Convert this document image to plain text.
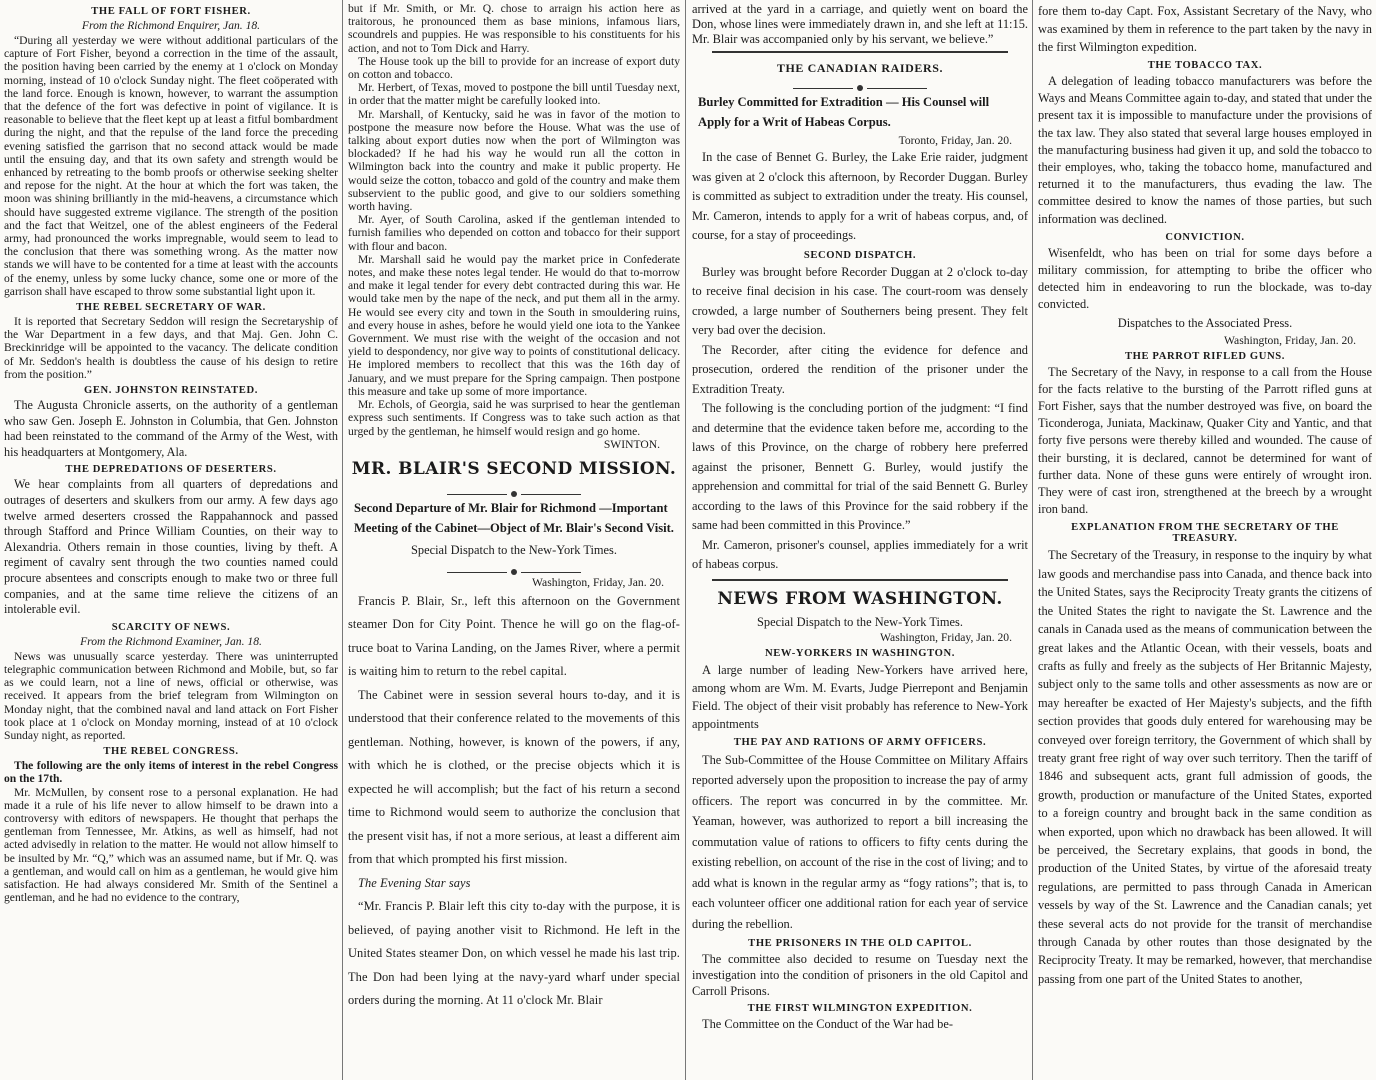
THE FALL OF FORT FISHER.
From the Richmond Enquirer, Jan. 18.

“During all yesterday we were without additional particulars of the capture of Fort Fisher, beyond a correction in the time of the assault, the position having been carried by the enemy at 1 o'clock on Monday morning, instead of 10 o'clock Sunday night. The fleet coöperated with the land force. Enough is known, however, to warrant the assumption that the defence of the fort was defective in point of vigilance. It is reasonable to believe that the fleet kept up at least a fitful bombardment during the night, and that the repulse of the land force the preceding evening satisfied the garrison that no second attack would be made until the ensuing day, and that its own safety and strength would be enhanced by retreating to the bomb proofs or otherwise seeking shelter and repose for the night. At the hour at which the fort was taken, the moon was shining brilliantly in the mid-heavens, a circumstance which should have suggested extreme vigilance. The strength of the position and the fact that Weitzel, one of the ablest engineers of the Federal army, had pronounced the works impregnable, would seem to lead to the conclusion that there was something wrong. As the matter now stands we will have to be contented for a time at least with the accounts of the enemy, unless by some lucky chance, some one or more of the garrison shall have escaped to throw some substantial light upon it.

THE REBEL SECRETARY OF WAR.

It is reported that Secretary Seddon will resign the Secretaryship of the War Department in a few days, and that Maj. Gen. John C. Breckinridge will be appointed to the vacancy. The delicate condition of Mr. Seddon's health is doubtless the cause of his design to retire from the position.”

GEN. JOHNSTON REINSTATED.

The Augusta Chronicle asserts, on the authority of a gentleman who saw Gen. Joseph E. Johnston in Columbia, that Gen. Johnston had been reinstated to the command of the Army of the West, with his headquarters at Montgomery, Ala.

THE DEPREDATIONS OF DESERTERS.

We hear complaints from all quarters of depredations and outrages of deserters and skulkers from our army. A few days ago twelve armed deserters crossed the Rappahannock and passed through Stafford and Prince William Counties, on their way to Alexandria. Others remain in those counties, living by theft. A regiment of cavalry sent through the two counties named could procure absentees and conscripts enough to make two or three full companies, and at the same time relieve the citizens of an intolerable evil.

SCARCITY OF NEWS.
From the Richmond Examiner, Jan. 18.

News was unusually scarce yesterday. There was uninterrupted telegraphic communication between Richmond and Mobile, but, so far as we could learn, not a line of news, official or otherwise, was received. It appears from the brief telegram from Wilmington on Monday night, that the combined naval and land attack on Fort Fisher took place at 1 o'clock on Monday morning, instead of at 10 o'clock Sunday night, as reported.

THE REBEL CONGRESS.

The following are the only items of interest in the rebel Congress on the 17th.

Mr. McMullen, by consent rose to a personal explanation. He had made it a rule of his life never to allow himself to be drawn into a controversy with editors of newspapers. He thought that perhaps the gentleman from Tennessee, Mr. Atkins, as well as himself, had not acted advisedly in relation to the matter. He would not allow himself to be insulted by Mr. “Q,” which was an assumed name, but if Mr. Q. was a gentleman, and would call on him as a gentleman, he would give him satisfaction. He had always considered Mr. Smith of the Sentinel a gentleman, and he had no evidence to the contrary,

but if Mr. Smith, or Mr. Q. chose to arraign his action here as traitorous, he pronounced them as base minions, infamous liars, scoundrels and puppies. He was responsible to his constituents for his action, and not to Tom Dick and Harry.

The House took up the bill to provide for an increase of export duty on cotton and tobacco.

Mr. Herbert, of Texas, moved to postpone the bill until Tuesday next, in order that the matter might be carefully looked into.

Mr. Marshall, of Kentucky, said he was in favor of the motion to postpone the measure now before the House. What was the use of talking about export duties now when the port of Wilmington was blockaded? If he had his way he would run all the cotton in Wilmington back into the country and make it public property. He would seize the cotton, tobacco and gold of the country and make them subservient to the public good, and give to our soldiers something worth having.

Mr. Ayer, of South Carolina, asked if the gentleman intended to furnish families who depended on cotton and tobacco for their support with flour and bacon.

Mr. Marshall said he would pay the market price in Confederate notes, and make these notes legal tender. He would do that to-morrow and make it legal tender for every debt contracted during this war. He would take men by the nape of the neck, and put them all in the army. He would see every city and town in the South in smouldering ruins, and every house in ashes, before he would yield one iota to the Yankee Government. We must rise with the weight of the occasion and not yield to despondency, nor give way to points of constitutional delicacy. He implored members to recollect that this was the 16th day of January, and we must prepare for the Spring campaign. Then postpone this measure and take up some of more importance.

Mr. Echols, of Georgia, said he was surprised to hear the gentleman express such sentiments. If Congress was to take such action as that urged by the gentleman, he himself would resign and go home.

SWINTON.

MR. BLAIR'S SECOND MISSION.

Second Departure of Mr. Blair for Richmond —Important Meeting of the Cabinet—Object of Mr. Blair's Second Visit.

Special Dispatch to the New-York Times.

Washington, Friday, Jan. 20.

Francis P. Blair, Sr., left this afternoon on the Government steamer Don for City Point. Thence he will go on the flag-of-truce boat to Varina Landing, on the James River, where a permit is waiting him to return to the rebel capital.

The Cabinet were in session several hours to-day, and it is understood that their conference related to the movements of this gentleman. Nothing, however, is known of the powers, if any, with which he is clothed, or the precise objects which it is expected he will accomplish; but the fact of his return a second time to Richmond would seem to authorize the conclusion that the present visit has, if not a more serious, at least a different aim from that which prompted his first mission.

The Evening Star says

“Mr. Francis P. Blair left this city to-day with the purpose, it is believed, of paying another visit to Richmond. He left in the United States steamer Don, on which vessel he made his last trip. The Don had been lying at the navy-yard wharf under special orders during the morning. At 11 o'clock Mr. Blair

arrived at the yard in a carriage, and quietly went on board the Don, whose lines were immediately drawn in, and she left at 11:15. Mr. Blair was accompanied only by his servant, we believe.”

THE CANADIAN RAIDERS.

Burley Committed for Extradition — His Counsel will Apply for a Writ of Habeas Corpus.

Toronto, Friday, Jan. 20.

In the case of Bennet G. Burley, the Lake Erie raider, judgment was given at 2 o'clock this afternoon, by Recorder Duggan. Burley is committed as subject to extradition under the treaty. His counsel, Mr. Cameron, intends to apply for a writ of habeas corpus, and, of course, for a stay of proceedings.

SECOND DISPATCH.

Burley was brought before Recorder Duggan at 2 o'clock to-day to receive final decision in his case. The court-room was densely crowded, a large number of Southerners being present. They felt very bad over the decision.

The Recorder, after citing the evidence for defence and prosecution, ordered the rendition of the prisoner under the Extradition Treaty.

The following is the concluding portion of the judgment: “I find and determine that the evidence taken before me, according to the laws of this Province, on the charge of robbery here preferred against the prisoner, Bennett G. Burley, would justify the apprehension and committal for trial of the said Bennett G. Burley according to the laws of this Province for the said robbery if the same had been committed in this Province.”

Mr. Cameron, prisoner's counsel, applies immediately for a writ of habeas corpus.

NEWS FROM WASHINGTON.

Special Dispatch to the New-York Times.

Washington, Friday, Jan. 20.

NEW-YORKERS IN WASHINGTON.

A large number of leading New-Yorkers have arrived here, among whom are Wm. M. Evarts, Judge Pierrepont and Benjamin Field. The object of their visit probably has reference to New-York appointments

THE PAY AND RATIONS OF ARMY OFFICERS.

The Sub-Committee of the House Committee on Military Affairs reported adversely upon the proposition to increase the pay of army officers. The report was concurred in by the committee. Mr. Yeaman, however, was authorized to report a bill increasing the commutation value of rations to officers to fifty cents during the existing rebellion, on account of the rise in the cost of living; and to add what is known in the regular army as “fogy rations”; that is, to each volunteer officer one additional ration for each year of service during the rebellion.

THE PRISONERS IN THE OLD CAPITOL.

The committee also decided to resume on Tuesday next the investigation into the condition of prisoners in the old Capitol and Carroll Prisons.

THE FIRST WILMINGTON EXPEDITION.

The Committee on the Conduct of the War had be-

fore them to-day Capt. Fox, Assistant Secretary of the Navy, who was examined by them in reference to the part taken by the navy in the first Wilmington expedition.

THE TOBACCO TAX.

A delegation of leading tobacco manufacturers was before the Ways and Means Committee again to-day, and stated that under the present tax it is impossible to manufacture under the provisions of the tax law. They also stated that several large houses employed in the manufacturing business had given it up, and sold the tobacco to their employes, who, taking the tobacco home, manufactured and returned it to the manufacturers, thus evading the law. The committee desired to know the names of those parties, but such information was declined.

CONVICTION.

Wisenfeldt, who has been on trial for some days before a military commission, for attempting to bribe the officer who detected him in endeavoring to run the blockade, was to-day convicted.

Dispatches to the Associated Press.

Washington, Friday, Jan. 20.

THE PARROT RIFLED GUNS.

The Secretary of the Navy, in response to a call from the House for the facts relative to the bursting of the Parrott rifled guns at Fort Fisher, says that the number destroyed was five, on board the Ticonderoga, Juniata, Mackinaw, Quaker City and Yantic, and that forty five persons were thereby killed and wounded. The cause of their bursting, it is declared, cannot be determined for want of further data. None of these guns were entirely of wrought iron. They were of cast iron, strengthened at the breech by a wrought iron band.

EXPLANATION FROM THE SECRETARY OF THE TREASURY.

The Secretary of the Treasury, in response to the inquiry by what law goods and merchandise pass into Canada, and thence back into the United States, says the Reciprocity Treaty grants the citizens of the United States the right to navigate the St. Lawrence and the canals in Canada used as the means of communication between the great lakes and the Atlantic Ocean, with their vessels, boats and crafts as fully and freely as the subjects of Her Britannic Majesty, subject only to the same tolls and other assessments as now are or may hereafter be exacted of Her Majesty's subjects, and the fifth section provides that goods duly entered for warehousing may be conveyed over foreign territory, the Government of which shall by treaty grant free right of way over such territory. Then the tariff of 1846 and subsequent acts, grant full admission of goods, the growth, production or manufacture of the United States, exported to a foreign country and brought back in the same condition as when exported, upon which no drawback has been allowed. It will be perceived, the Secretary explains, that goods in bond, the production of the United States, by virtue of the aforesaid treaty regulations, are permitted to pass through Canada in American vessels by way of the St. Lawrence and the Canadian canals; yet these several acts do not provide for the transit of merchandise through Canada by other routes than those designated by the Reciprocity Treaty. It may be remarked, however, that merchandise passing from one part of the United States to another,
